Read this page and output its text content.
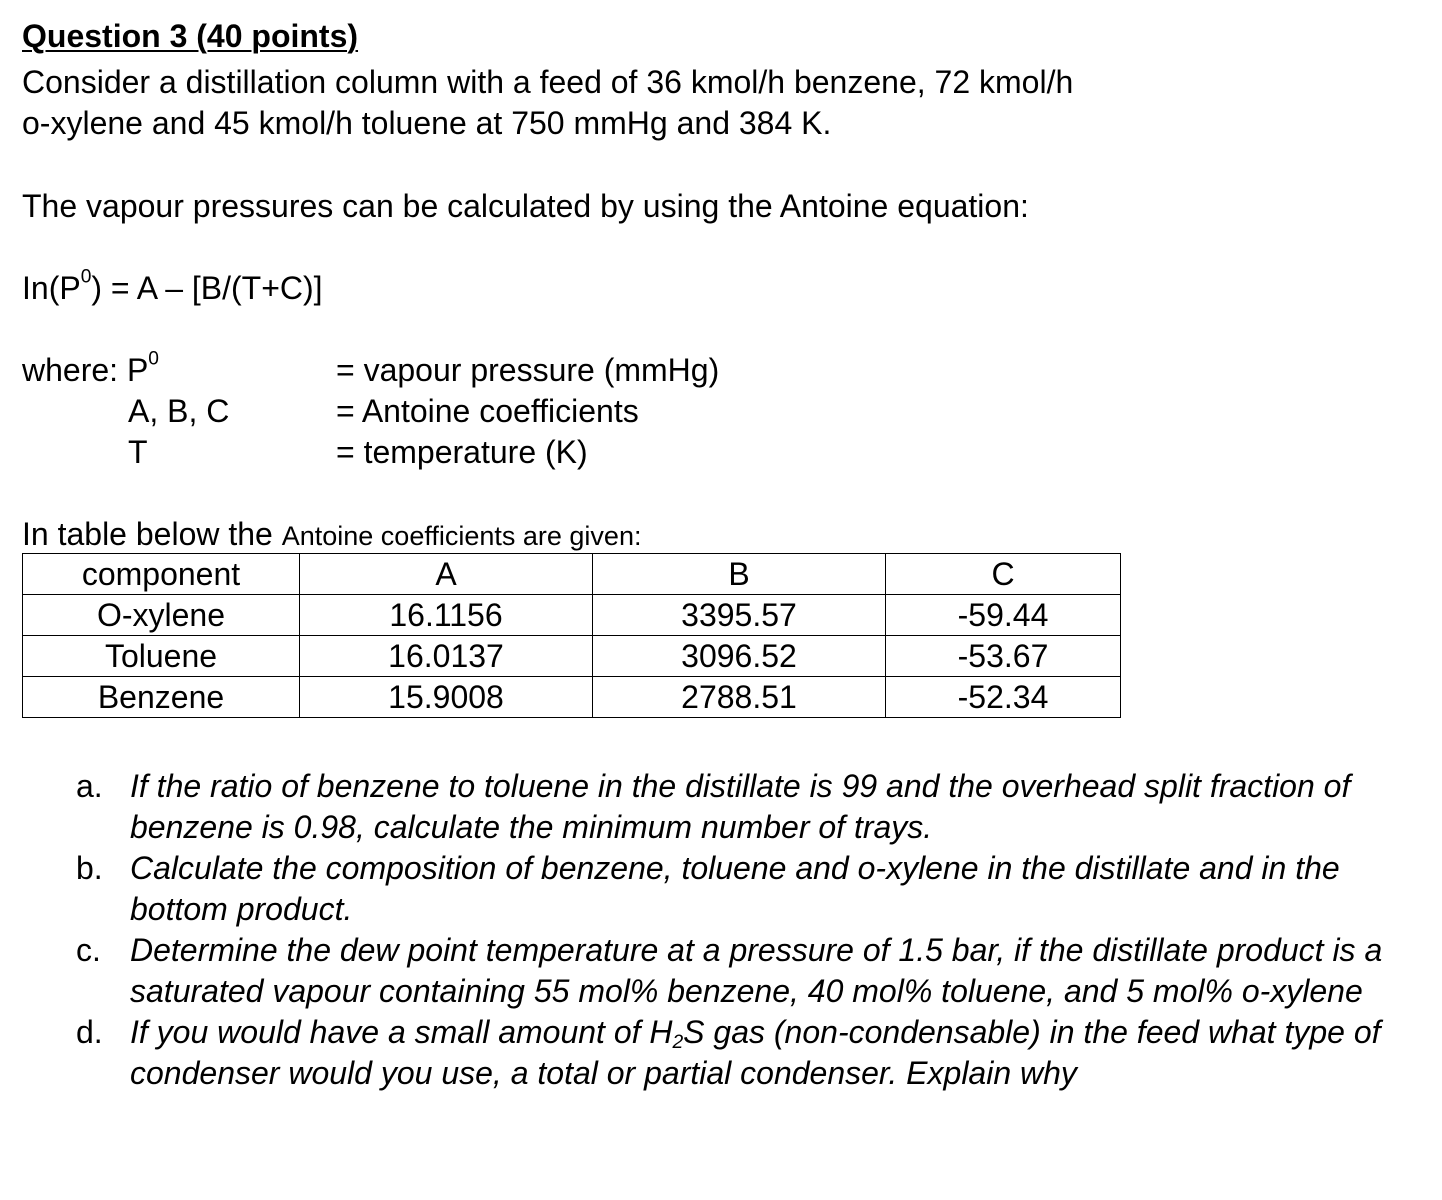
Question 3 (40 points)
Consider a distillation column with a feed of 36 kmol/h benzene, 72 kmol/h
o-xylene and 45 kmol/h toluene at 750 mmHg and 384 K.
The vapour pressures can be calculated by using the Antoine equation:
$In(P^0) = A - [B/(T+C)]$
where: $P^0$	= vapour pressure (mmHg)
A, B, C	= Antoine coefficients
T	= temperature (K)
In table below the Antoine coefficients are given:
component	A	B	C
O-xylene	16.1156	3395.57	-59.44
Toluene	16.0137	3096.52	-53.67
Benzene	15.9008	2788.51	-52.34
a. If the ratio of benzene to toluene in the distillate is 99 and the overhead split fraction of benzene is 0.98, calculate the minimum number of trays.
b. Calculate the composition of benzene, toluene and o-xylene in the distillate and in the bottom product.
c. Determine the dew point temperature at a pressure of 1.5 bar, if the distillate product is a saturated vapour containing 55 mol% benzene, 40 mol% toluene, and 5 mol% o-xylene
d. If you would have a small amount of $H_2S$ gas (non-condensable) in the feed what type of condenser would you use, a total or partial condenser. Explain why
